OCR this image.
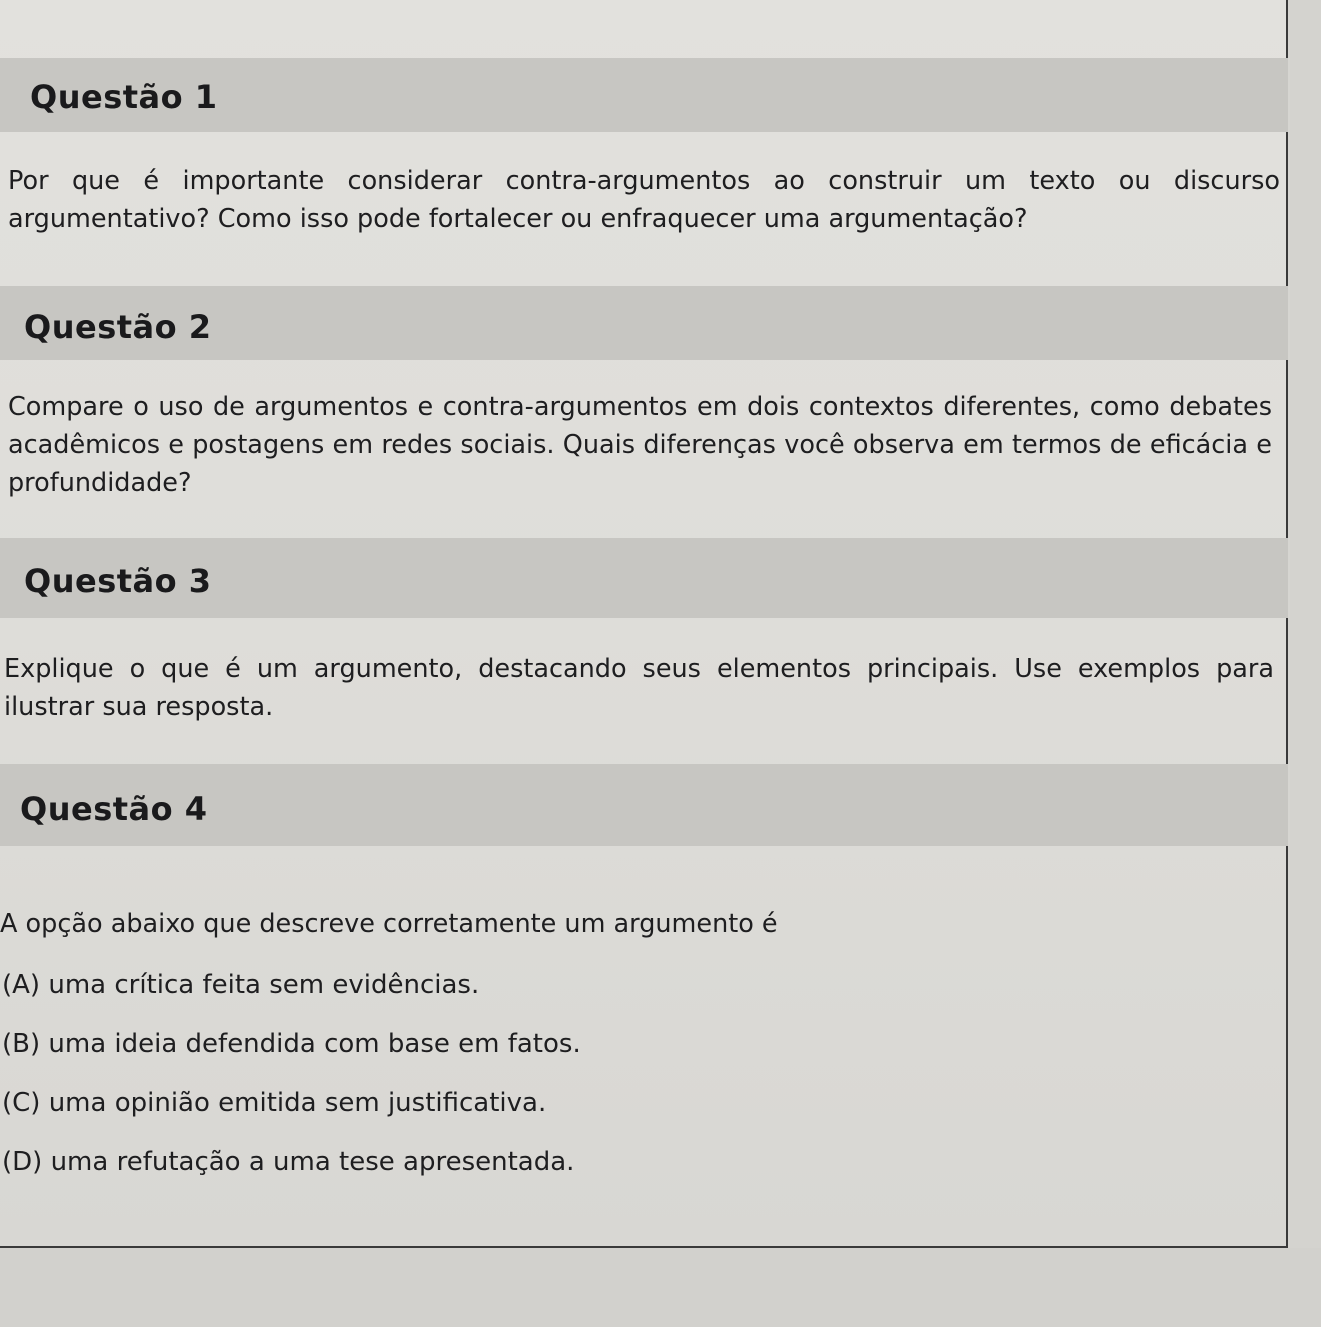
Questão 1
Por que é importante considerar contra-argumentos ao construir um texto ou discurso argumentativo? Como isso pode fortalecer ou enfraquecer uma argumentação?
Questão 2
Compare o uso de argumentos e contra-argumentos em dois contextos diferentes, como debates acadêmicos e postagens em redes sociais. Quais diferenças você observa em termos de eficácia e profundidade?
Questão 3
Explique o que é um argumento, destacando seus elementos principais. Use exemplos para ilustrar sua resposta.
Questão 4
A opção abaixo que descreve corretamente um argumento é
(A) uma crítica feita sem evidências.
(B) uma ideia defendida com base em fatos.
(C) uma opinião emitida sem justificativa.
(D) uma refutação a uma tese apresentada.
